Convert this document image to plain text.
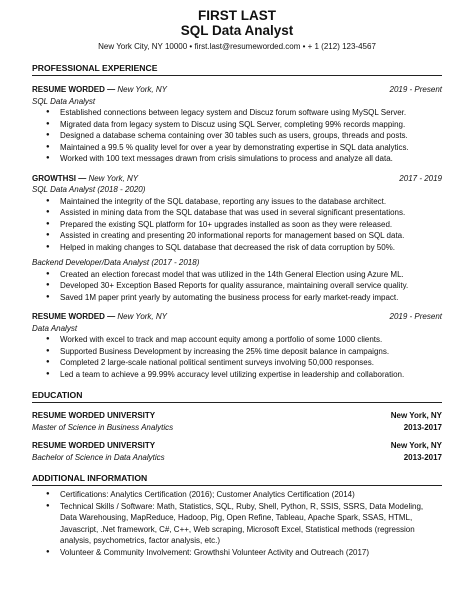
FIRST LAST
SQL Data Analyst
New York City, NY 10000 • first.last@resumeworded.com • + 1 (212) 123-4567
PROFESSIONAL EXPERIENCE
RESUME WORDED — New York, NY	2019 - Present
SQL Data Analyst
● Established connections between legacy system and Discuz forum software using MySQL Server.
● Migrated data from legacy system to Discuz using SQL Server, completing 99% records mapping.
● Designed a database schema containing over 30 tables such as users, groups, threads and posts.
● Maintained a 99.5 % quality level for over a year by demonstrating expertise in SQL data analytics.
● Worked with 100 text messages drawn from crisis simulations to process and analyze all data.
GROWTHSI — New York, NY	2017 - 2019
SQL Data Analyst (2018 - 2020)
● Maintained the integrity of the SQL database, reporting any issues to the database architect.
● Assisted in mining data from the SQL database that was used in several significant presentations.
● Prepared the existing SQL platform for 10+ upgrades installed as soon as they were released.
● Assisted in creating and presenting 20 informational reports for management based on SQL data.
● Helped in making changes to SQL database that decreased the risk of data corruption by 50%.
Backend Developer/Data Analyst (2017 - 2018)
● Created an election forecast model that was utilized in the 14th General Election using Azure ML.
● Developed 30+ Exception Based Reports for quality assurance, maintaining overall service quality.
● Saved 1M paper print yearly by automating the business process for early market-ready impact.
RESUME WORDED — New York, NY	2019 - Present
Data Analyst
● Worked with excel to track and map account equity among a portfolio of some 1000 clients.
● Supported Business Development by increasing the 25% time deposit balance in campaigns.
● Completed 2 large-scale national political sentiment surveys involving 50,000 responses.
● Led a team to achieve a 99.99% accuracy level utilizing expertise in leadership and collaboration.
EDUCATION
RESUME WORDED UNIVERSITY	New York, NY
Master of Science in Business Analytics	2013-2017
RESUME WORDED UNIVERSITY	New York, NY
Bachelor of Science in Data Analytics	2013-2017
ADDITIONAL INFORMATION
● Certifications: Analytics Certification (2016); Customer Analytics Certification (2014)
● Technical Skills / Software: Math, Statistics, SQL, Ruby, Shell, Python, R, SSIS, SSRS, Data Modeling, Data Warehousing, MapReduce, Hadoop, Pig, Open Refine, Tableau, Apache Spark, SSAS, HTML, Javascript, .Net framework, C#, C++, Web scraping, Microsoft Excel, Statistical methods (regression analysis, psychometrics, factor analysis, etc.)
● Volunteer & Community Involvement: Growthshi Volunteer Activity and Outreach (2017)
